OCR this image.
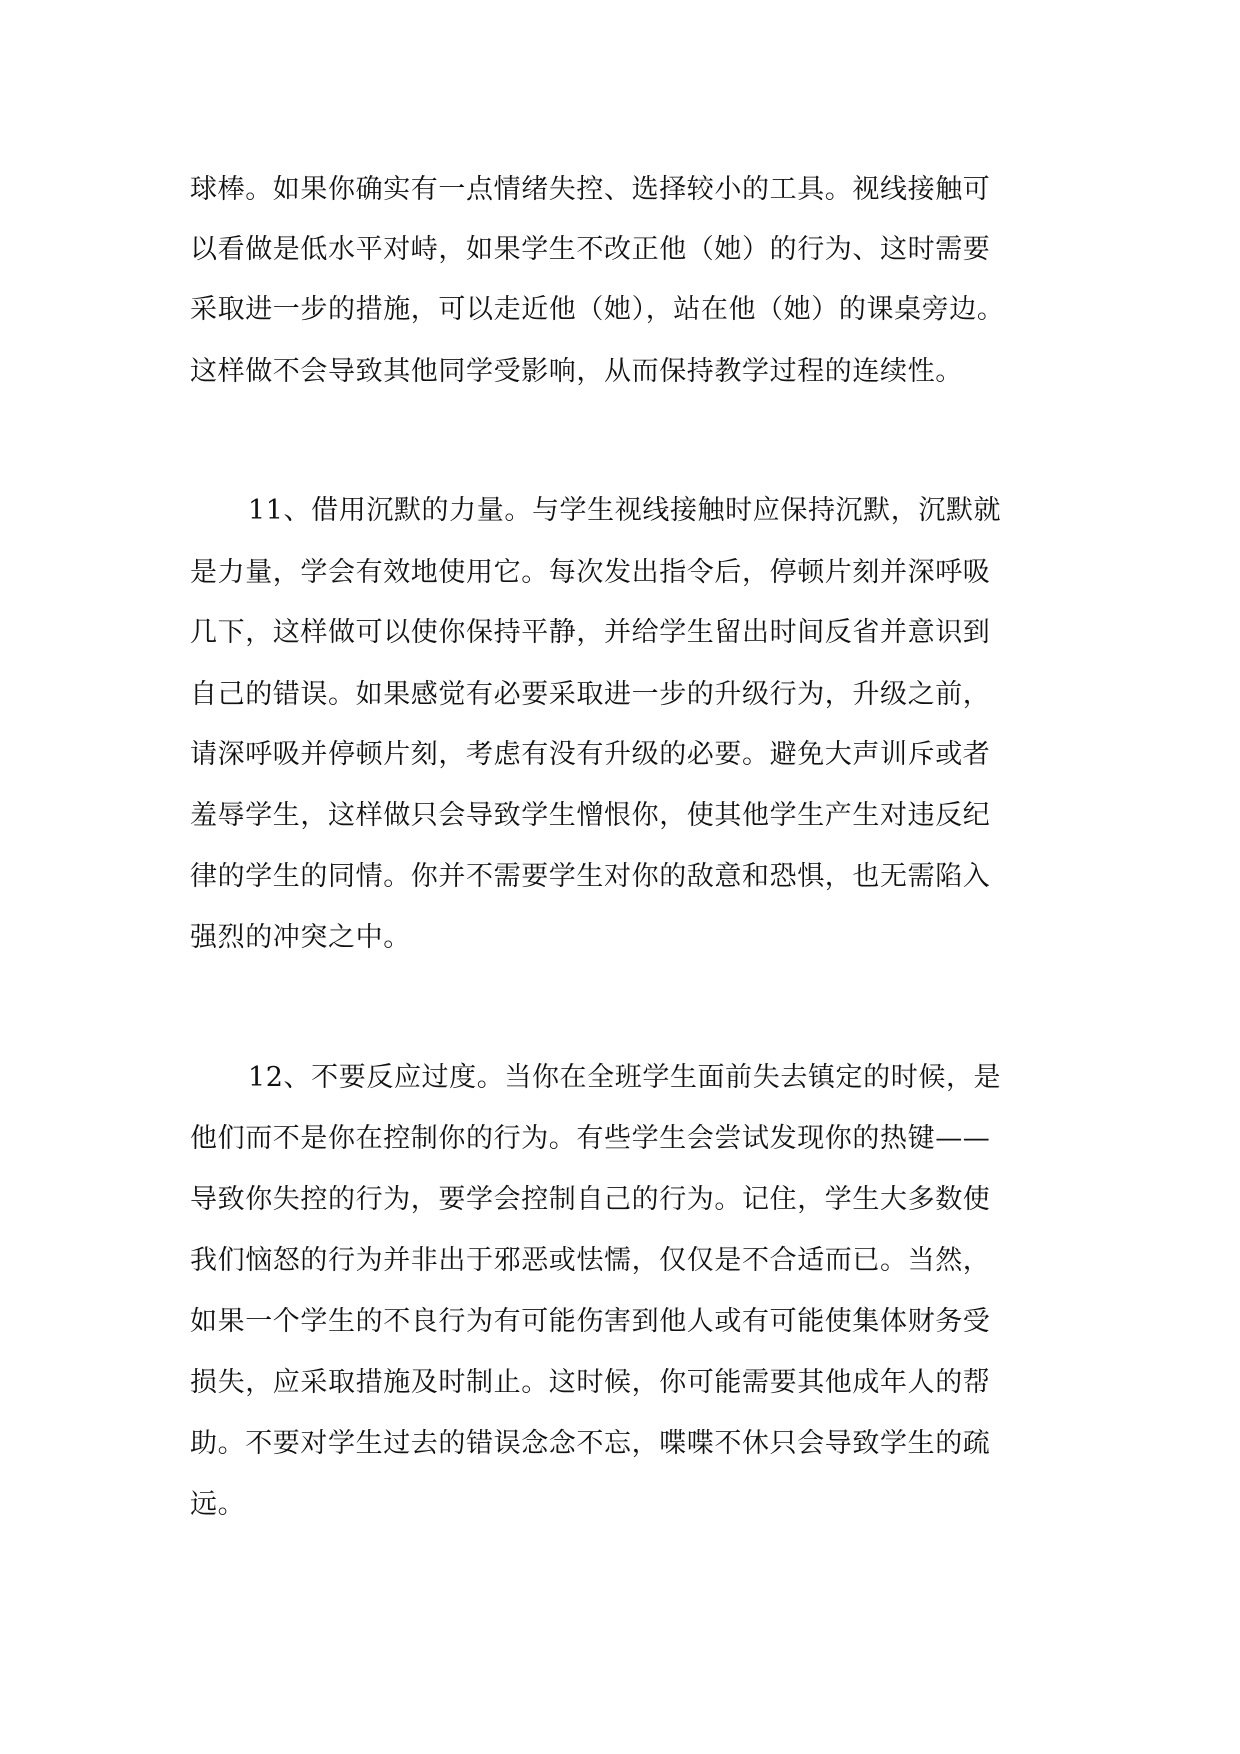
球棒。如果你确实有一点情绪失控、选择较小的工具。视线接触可
以看做是低水平对峙，如果学生不改正他（她）的行为、这时需要
采取进一步的措施，可以走近他（她），站在他（她）的课桌旁边。
这样做不会导致其他同学受影响，从而保持教学过程的连续性。
11、借用沉默的力量。与学生视线接触时应保持沉默，沉默就
是力量，学会有效地使用它。每次发出指令后，停顿片刻并深呼吸
几下，这样做可以使你保持平静，并给学生留出时间反省并意识到
自己的错误。如果感觉有必要采取进一步的升级行为，升级之前，
请深呼吸并停顿片刻，考虑有没有升级的必要。避免大声训斥或者
羞辱学生，这样做只会导致学生憎恨你，使其他学生产生对违反纪
律的学生的同情。你并不需要学生对你的敌意和恐惧，也无需陷入
强烈的冲突之中。
12、不要反应过度。当你在全班学生面前失去镇定的时候，是
他们而不是你在控制你的行为。有些学生会尝试发现你的热键——
导致你失控的行为，要学会控制自己的行为。记住，学生大多数使
我们恼怒的行为并非出于邪恶或怯懦，仅仅是不合适而已。当然，
如果一个学生的不良行为有可能伤害到他人或有可能使集体财务受
损失，应采取措施及时制止。这时候，你可能需要其他成年人的帮
助。不要对学生过去的错误念念不忘，喋喋不休只会导致学生的疏
远。
